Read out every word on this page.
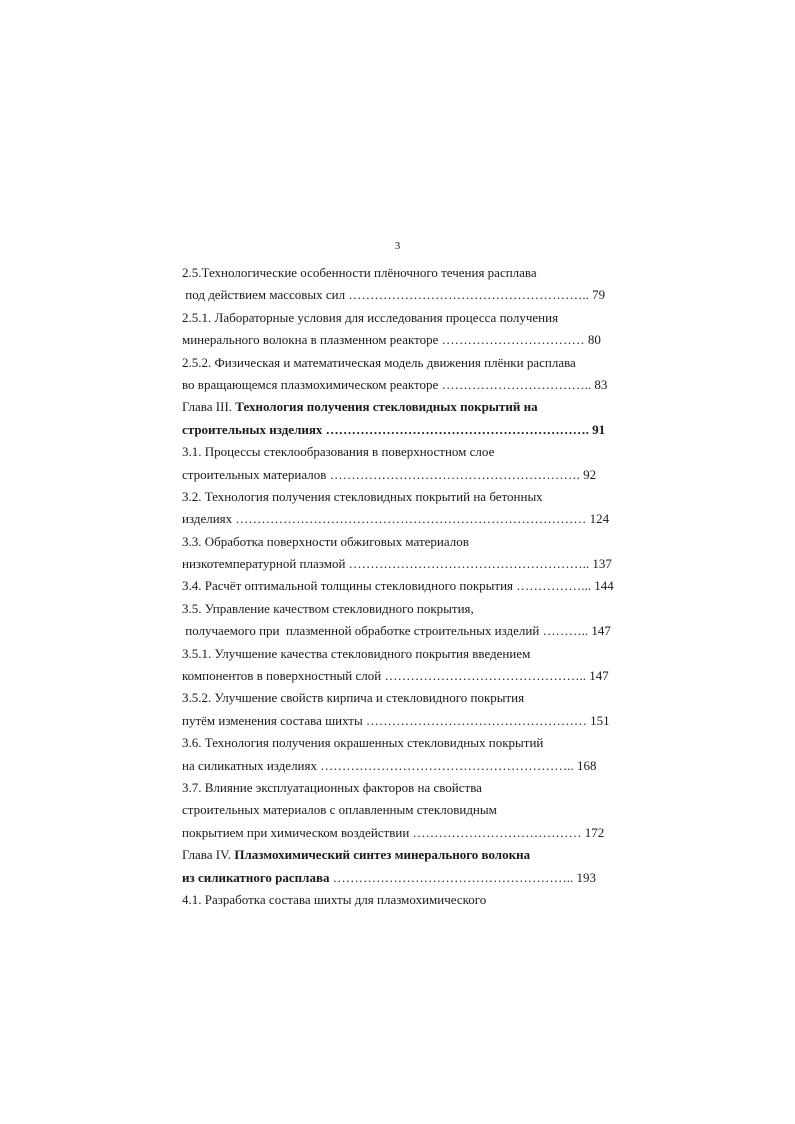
3
2.5.Технологические особенности плёночного течения расплава
под действием массовых сил ……………………………………………….. 79
2.5.1. Лабораторные условия для исследования процесса получения
минерального волокна в плазменном реакторе …………………………… 80
2.5.2. Физическая и математическая модель движения плёнки расплава
во вращающемся плазмохимическом реакторе …………………………….. 83
Глава III. Технология получения стекловидных покрытий на
строительных изделиях ……………………………………………………. 91
3.1. Процессы стеклообразования в поверхностном слое
строительных материалов …………………………………………………. 92
3.2. Технология получения стекловидных покрытий на бетонных
изделиях ……………………………………………………………………… 124
3.3. Обработка поверхности обжиговых материалов
низкотемпературной плазмой ……………………………………………….. 137
3.4. Расчёт оптимальной толщины стекловидного покрытия ……………... 144
3.5. Управление качеством стекловидного покрытия,
получаемого при  плазменной обработке строительных изделий ……….. 147
3.5.1. Улучшение качества стекловидного покрытия введением
компонентов в поверхностный слой ……………………………………….. 147
3.5.2. Улучшение свойств кирпича и стекловидного покрытия
путём изменения состава шихты …………………………………………… 151
3.6. Технология получения окрашенных стекловидных покрытий
на силикатных изделиях ………………………………………………….. 168
3.7. Влияние эксплуатационных факторов на свойства
строительных материалов с оплавленным стекловидным
покрытием при химическом воздействии ………………………………… 172
Глава IV. Плазмохимический синтез минерального волокна
из силикатного расплава ……………………………………………….. 193
4.1. Разработка состава шихты для плазмохимического
